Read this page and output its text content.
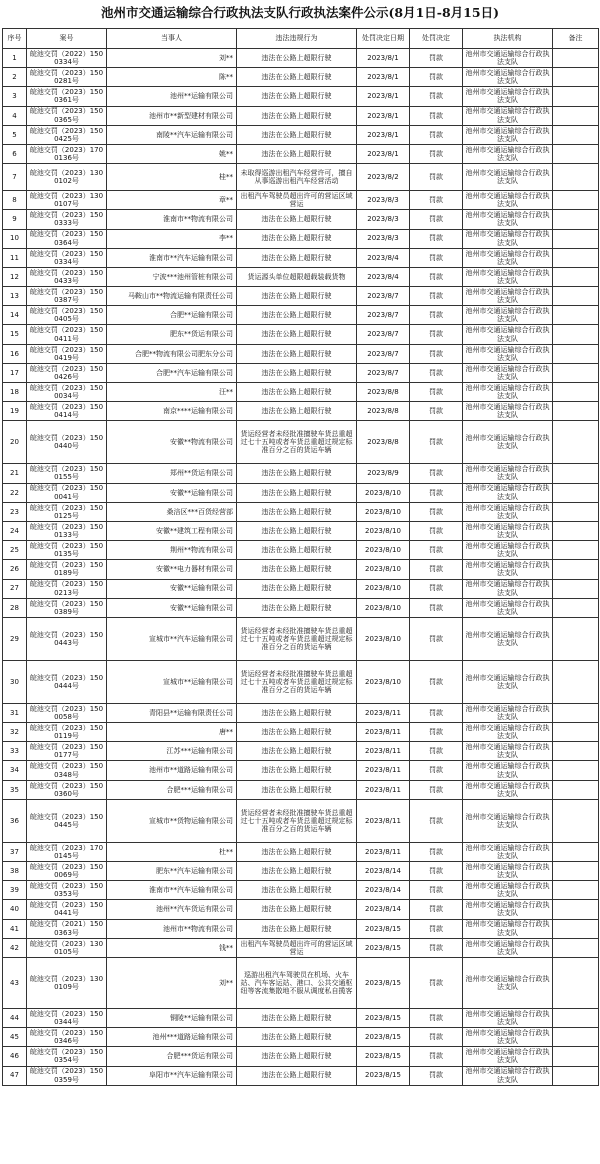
池州市交通运输综合行政执法支队行政执法案件公示(8月1日-8月15日)
序号	案号	当事人	违法违规行为	处罚决定日期	处罚决定	执法机构	备注
1	皖池交罚（2022）1500334号	刘**	违法在公路上超限行驶	2023/8/1	罚款	池州市交通运输综合行政执法支队	
2	皖池交罚（2023）1500281号	陈**	违法在公路上超限行驶	2023/8/1	罚款	池州市交通运输综合行政执法支队	
3	皖池交罚（2023）1500361号	池州**运输有限公司	违法在公路上超限行驶	2023/8/1	罚款	池州市交通运输综合行政执法支队	
4	皖池交罚（2023）1500365号	池州市**新型建材有限公司	违法在公路上超限行驶	2023/8/1	罚款	池州市交通运输综合行政执法支队	
5	皖池交罚（2023）1500425号	南陵**汽车运输有限公司	违法在公路上超限行驶	2023/8/1	罚款	池州市交通运输综合行政执法支队	
6	皖池交罚（2023）1700136号	姚**	违法在公路上超限行驶	2023/8/1	罚款	池州市交通运输综合行政执法支队	
7	皖池交罚（2023）1300102号	桂**	未取得巡游出租汽车经营许可，擅自从事巡游出租汽车经营活动	2023/8/2	罚款	池州市交通运输综合行政执法支队	
8	皖池交罚（2023）1300107号	章**	出租汽车驾驶员超出许可的营运区域营运	2023/8/3	罚款	池州市交通运输综合行政执法支队	
9	皖池交罚（2023）1500333号	淮南市**物流有限公司	违法在公路上超限行驶	2023/8/3	罚款	池州市交通运输综合行政执法支队	
10	皖池交罚（2023）1500364号	李**	违法在公路上超限行驶	2023/8/3	罚款	池州市交通运输综合行政执法支队	
11	皖池交罚（2023）1500334号	淮南市**汽车运输有限公司	违法在公路上超限行驶	2023/8/4	罚款	池州市交通运输综合行政执法支队	
12	皖池交罚（2023）1500433号	宁波***池州管桩有限公司	货运源头单位超限超载装载货物	2023/8/4	罚款	池州市交通运输综合行政执法支队	
13	皖池交罚（2023）1500387号	马鞍山市**物流运输有限责任公司	违法在公路上超限行驶	2023/8/7	罚款	池州市交通运输综合行政执法支队	
14	皖池交罚（2023）1500405号	合肥**运输有限公司	违法在公路上超限行驶	2023/8/7	罚款	池州市交通运输综合行政执法支队	
15	皖池交罚（2023）1500411号	肥东**货运有限公司	违法在公路上超限行驶	2023/8/7	罚款	池州市交通运输综合行政执法支队	
16	皖池交罚（2023）1500419号	合肥**物流有限公司肥东分公司	违法在公路上超限行驶	2023/8/7	罚款	池州市交通运输综合行政执法支队	
17	皖池交罚（2023）1500426号	合肥**汽车运输有限公司	违法在公路上超限行驶	2023/8/7	罚款	池州市交通运输综合行政执法支队	
18	皖池交罚（2023）1500034号	汪**	违法在公路上超限行驶	2023/8/8	罚款	池州市交通运输综合行政执法支队	
19	皖池交罚（2023）1500414号	南京****运输有限公司	违法在公路上超限行驶	2023/8/8	罚款	池州市交通运输综合行政执法支队	
20	皖池交罚（2023）1500440号	安徽**物流有限公司	货运经营者未经批准擅驶车货总重超过七十五吨或者车货总重超过规定标准百分之百的货运车辆	2023/8/8	罚款	池州市交通运输综合行政执法支队	
21	皖池交罚（2023）1500155号	郑州**货运有限公司	违法在公路上超限行驶	2023/8/9	罚款	池州市交通运输综合行政执法支队	
22	皖池交罚（2023）1500041号	安徽**运输有限公司	违法在公路上超限行驶	2023/8/10	罚款	池州市交通运输综合行政执法支队	
23	皖池交罚（2023）1500125号	桑涪区***百货经营部	违法在公路上超限行驶	2023/8/10	罚款	池州市交通运输综合行政执法支队	
24	皖池交罚（2023）1500133号	安徽**建筑工程有限公司	违法在公路上超限行驶	2023/8/10	罚款	池州市交通运输综合行政执法支队	
25	皖池交罚（2023）1500135号	荆州**物流有限公司	违法在公路上超限行驶	2023/8/10	罚款	池州市交通运输综合行政执法支队	
26	皖池交罚（2023）1500189号	安徽**电力器材有限公司	违法在公路上超限行驶	2023/8/10	罚款	池州市交通运输综合行政执法支队	
27	皖池交罚（2023）1500213号	安徽**运输有限公司	违法在公路上超限行驶	2023/8/10	罚款	池州市交通运输综合行政执法支队	
28	皖池交罚（2023）1500389号	安徽**运输有限公司	违法在公路上超限行驶	2023/8/10	罚款	池州市交通运输综合行政执法支队	
29	皖池交罚（2023）1500443号	宣城市**汽车运输有限公司	货运经营者未经批准擅驶车货总重超过七十五吨或者车货总重超过规定标准百分之百的货运车辆	2023/8/10	罚款	池州市交通运输综合行政执法支队	
30	皖池交罚（2023）1500444号	宣城市**运输有限公司	货运经营者未经批准擅驶车货总重超过七十五吨或者车货总重超过规定标准百分之百的货运车辆	2023/8/10	罚款	池州市交通运输综合行政执法支队	
31	皖池交罚（2023）1500058号	青阳县**运输有限责任公司	违法在公路上超限行驶	2023/8/11	罚款	池州市交通运输综合行政执法支队	
32	皖池交罚（2023）1500119号	唐**	违法在公路上超限行驶	2023/8/11	罚款	池州市交通运输综合行政执法支队	
33	皖池交罚（2023）1500177号	江苏***运输有限公司	违法在公路上超限行驶	2023/8/11	罚款	池州市交通运输综合行政执法支队	
34	皖池交罚（2023）1500348号	池州市**道路运输有限公司	违法在公路上超限行驶	2023/8/11	罚款	池州市交通运输综合行政执法支队	
35	皖池交罚（2023）1500360号	合肥***运输有限公司	违法在公路上超限行驶	2023/8/11	罚款	池州市交通运输综合行政执法支队	
36	皖池交罚（2023）1500445号	宣城市**货物运输有限公司	货运经营者未经批准擅驶车货总重超过七十五吨或者车货总重超过规定标准百分之百的货运车辆	2023/8/11	罚款	池州市交通运输综合行政执法支队	
37	皖池交罚（2023）1700145号	杜**	违法在公路上超限行驶	2023/8/11	罚款	池州市交通运输综合行政执法支队	
38	皖池交罚（2023）1500069号	肥东**汽车运输有限公司	违法在公路上超限行驶	2023/8/14	罚款	池州市交通运输综合行政执法支队	
39	皖池交罚（2023）1500353号	淮南市**汽车运输有限公司	违法在公路上超限行驶	2023/8/14	罚款	池州市交通运输综合行政执法支队	
40	皖池交罚（2023）1500441号	池州**汽车货运有限公司	违法在公路上超限行驶	2023/8/14	罚款	池州市交通运输综合行政执法支队	
41	皖池交罚（2021）1500363号	池州市**物流有限公司	违法在公路上超限行驶	2023/8/15	罚款	池州市交通运输综合行政执法支队	
42	皖池交罚（2023）1300105号	钱**	出租汽车驾驶员超出许可的营运区域营运	2023/8/15	罚款	池州市交通运输综合行政执法支队	
43	皖池交罚（2023）1300109号	刘**	巡游出租汽车驾驶员在机场、火车站、汽车客运站、港口、公共交通枢纽等客流集散地不服从调度私自揽客	2023/8/15	罚款	池州市交通运输综合行政执法支队	
44	皖池交罚（2023）1500344号	铜陵**运输有限公司	违法在公路上超限行驶	2023/8/15	罚款	池州市交通运输综合行政执法支队	
45	皖池交罚（2023）1500346号	池州***道路运输有限公司	违法在公路上超限行驶	2023/8/15	罚款	池州市交通运输综合行政执法支队	
46	皖池交罚（2023）1500354号	合肥***货运有限公司	违法在公路上超限行驶	2023/8/15	罚款	池州市交通运输综合行政执法支队	
47	皖池交罚（2023）1500359号	阜阳市**汽车运输有限公司	违法在公路上超限行驶	2023/8/15	罚款	池州市交通运输综合行政执法支队	
